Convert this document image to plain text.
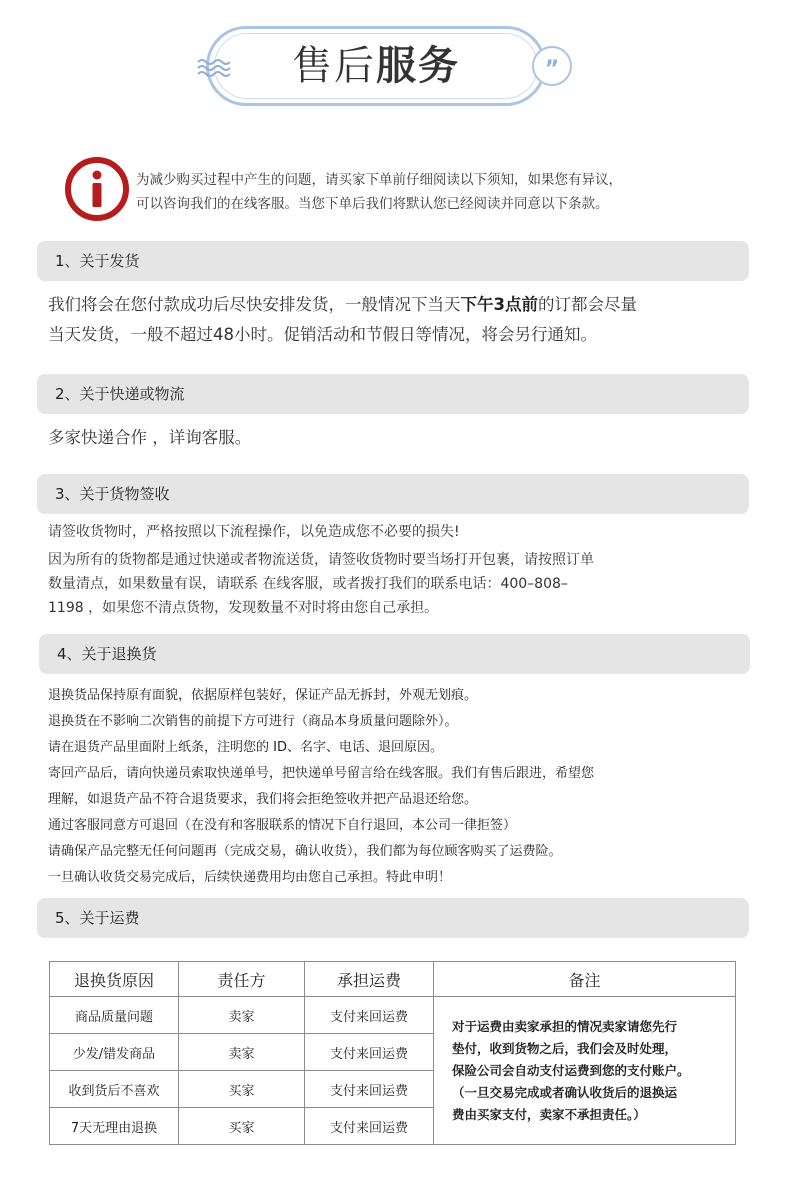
售后服务	”

为减少购买过程中产生的问题，请买家下单前仔细阅读以下须知，如果您有异议，

可以咨询我们的在线客服。当您下单后我们将默认您已经阅读并同意以下条款。

1、关于发货

我们将会在您付款成功后尽快安排发货，一般情况下当天下午3点前的订都会尽量

当天发货，一般不超过48小时。促销活动和节假日等情况，将会另行通知。

2、关于快递或物流

多家快递合作 ，详询客服。

3、关于货物签收

请签收货物时，严格按照以下流程操作，以免造成您不必要的损失!

因为所有的货物都是通过快递或者物流送货，请签收货物时要当场打开包裹，请按照订单

数量清点，如果数量有误，请联系 在线客服，或者拨打我们的联系电话：400–808–

1198 ，如果您不清点货物，发现数量不对时将由您自己承担。

4、关于退换货

退换货品保持原有面貌，依据原样包装好，保证产品无拆封，外观无划痕。

退换货在不影响二次销售的前提下方可进行（商品本身质量问题除外）。

请在退货产品里面附上纸条，注明您的 ID、名字、电话、退回原因。

寄回产品后，请向快递员索取快递单号，把快递单号留言给在线客服。我们有售后跟进，希望您

理解，如退货产品不符合退货要求，我们将会拒绝签收并把产品退还给您。

通过客服同意方可退回（在没有和客服联系的情况下自行退回，本公司一律拒签）

请确保产品完整无任何问题再（完成交易，确认收货），我们都为每位顾客购买了运费险。

一旦确认收货交易完成后，后续快递费用均由您自己承担。特此申明！

5、关于运费
退换货原因	责任方	承担运费	备注
商品质量问题	卖家	支付来回运费	对于运费由卖家承担的情况卖家请您先行

垫付，收到货物之后，我们会及时处理，

保险公司会自动支付运费到您的支付账户。

（一旦交易完成或者确认收货后的退换运

费由买家支付，卖家不承担责任。）

少发/错发商品	卖家	支付来回运费	
收到货后不喜欢	买家	支付来回运费	
7天无理由退换	买家	支付来回运费	
